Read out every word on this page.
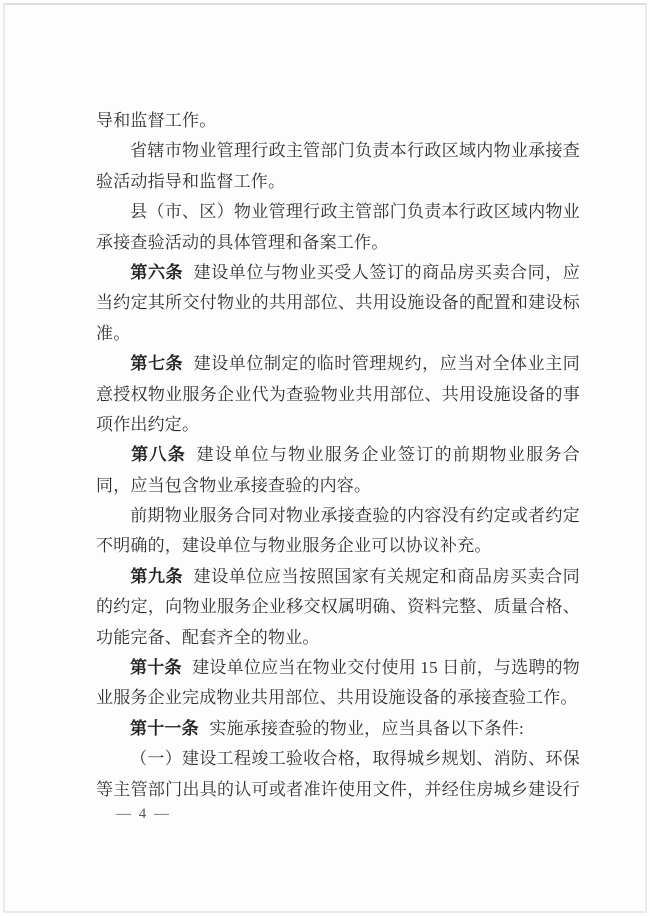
导和监督工作。
省辖市物业管理行政主管部门负责本行政区域内物业承接查
验活动指导和监督工作。
县（市、区）物业管理行政主管部门负责本行政区域内物业
承接查验活动的具体管理和备案工作。
第六条 建设单位与物业买受人签订的商品房买卖合同，应
当约定其所交付物业的共用部位、共用设施设备的配置和建设标
准。
第七条 建设单位制定的临时管理规约，应当对全体业主同
意授权物业服务企业代为查验物业共用部位、共用设施设备的事
项作出约定。
第八条 建设单位与物业服务企业签订的前期物业服务合
同，应当包含物业承接查验的内容。
前期物业服务合同对物业承接查验的内容没有约定或者约定
不明确的，建设单位与物业服务企业可以协议补充。
第九条 建设单位应当按照国家有关规定和商品房买卖合同
的约定，向物业服务企业移交权属明确、资料完整、质量合格、
功能完备、配套齐全的物业。
第十条 建设单位应当在物业交付使用 15 日前，与选聘的物
业服务企业完成物业共用部位、共用设施设备的承接查验工作。
第十一条 实施承接查验的物业，应当具备以下条件:
（一）建设工程竣工验收合格，取得城乡规划、消防、环保
等主管部门出具的认可或者准许使用文件，并经住房城乡建设行
— 4 —
